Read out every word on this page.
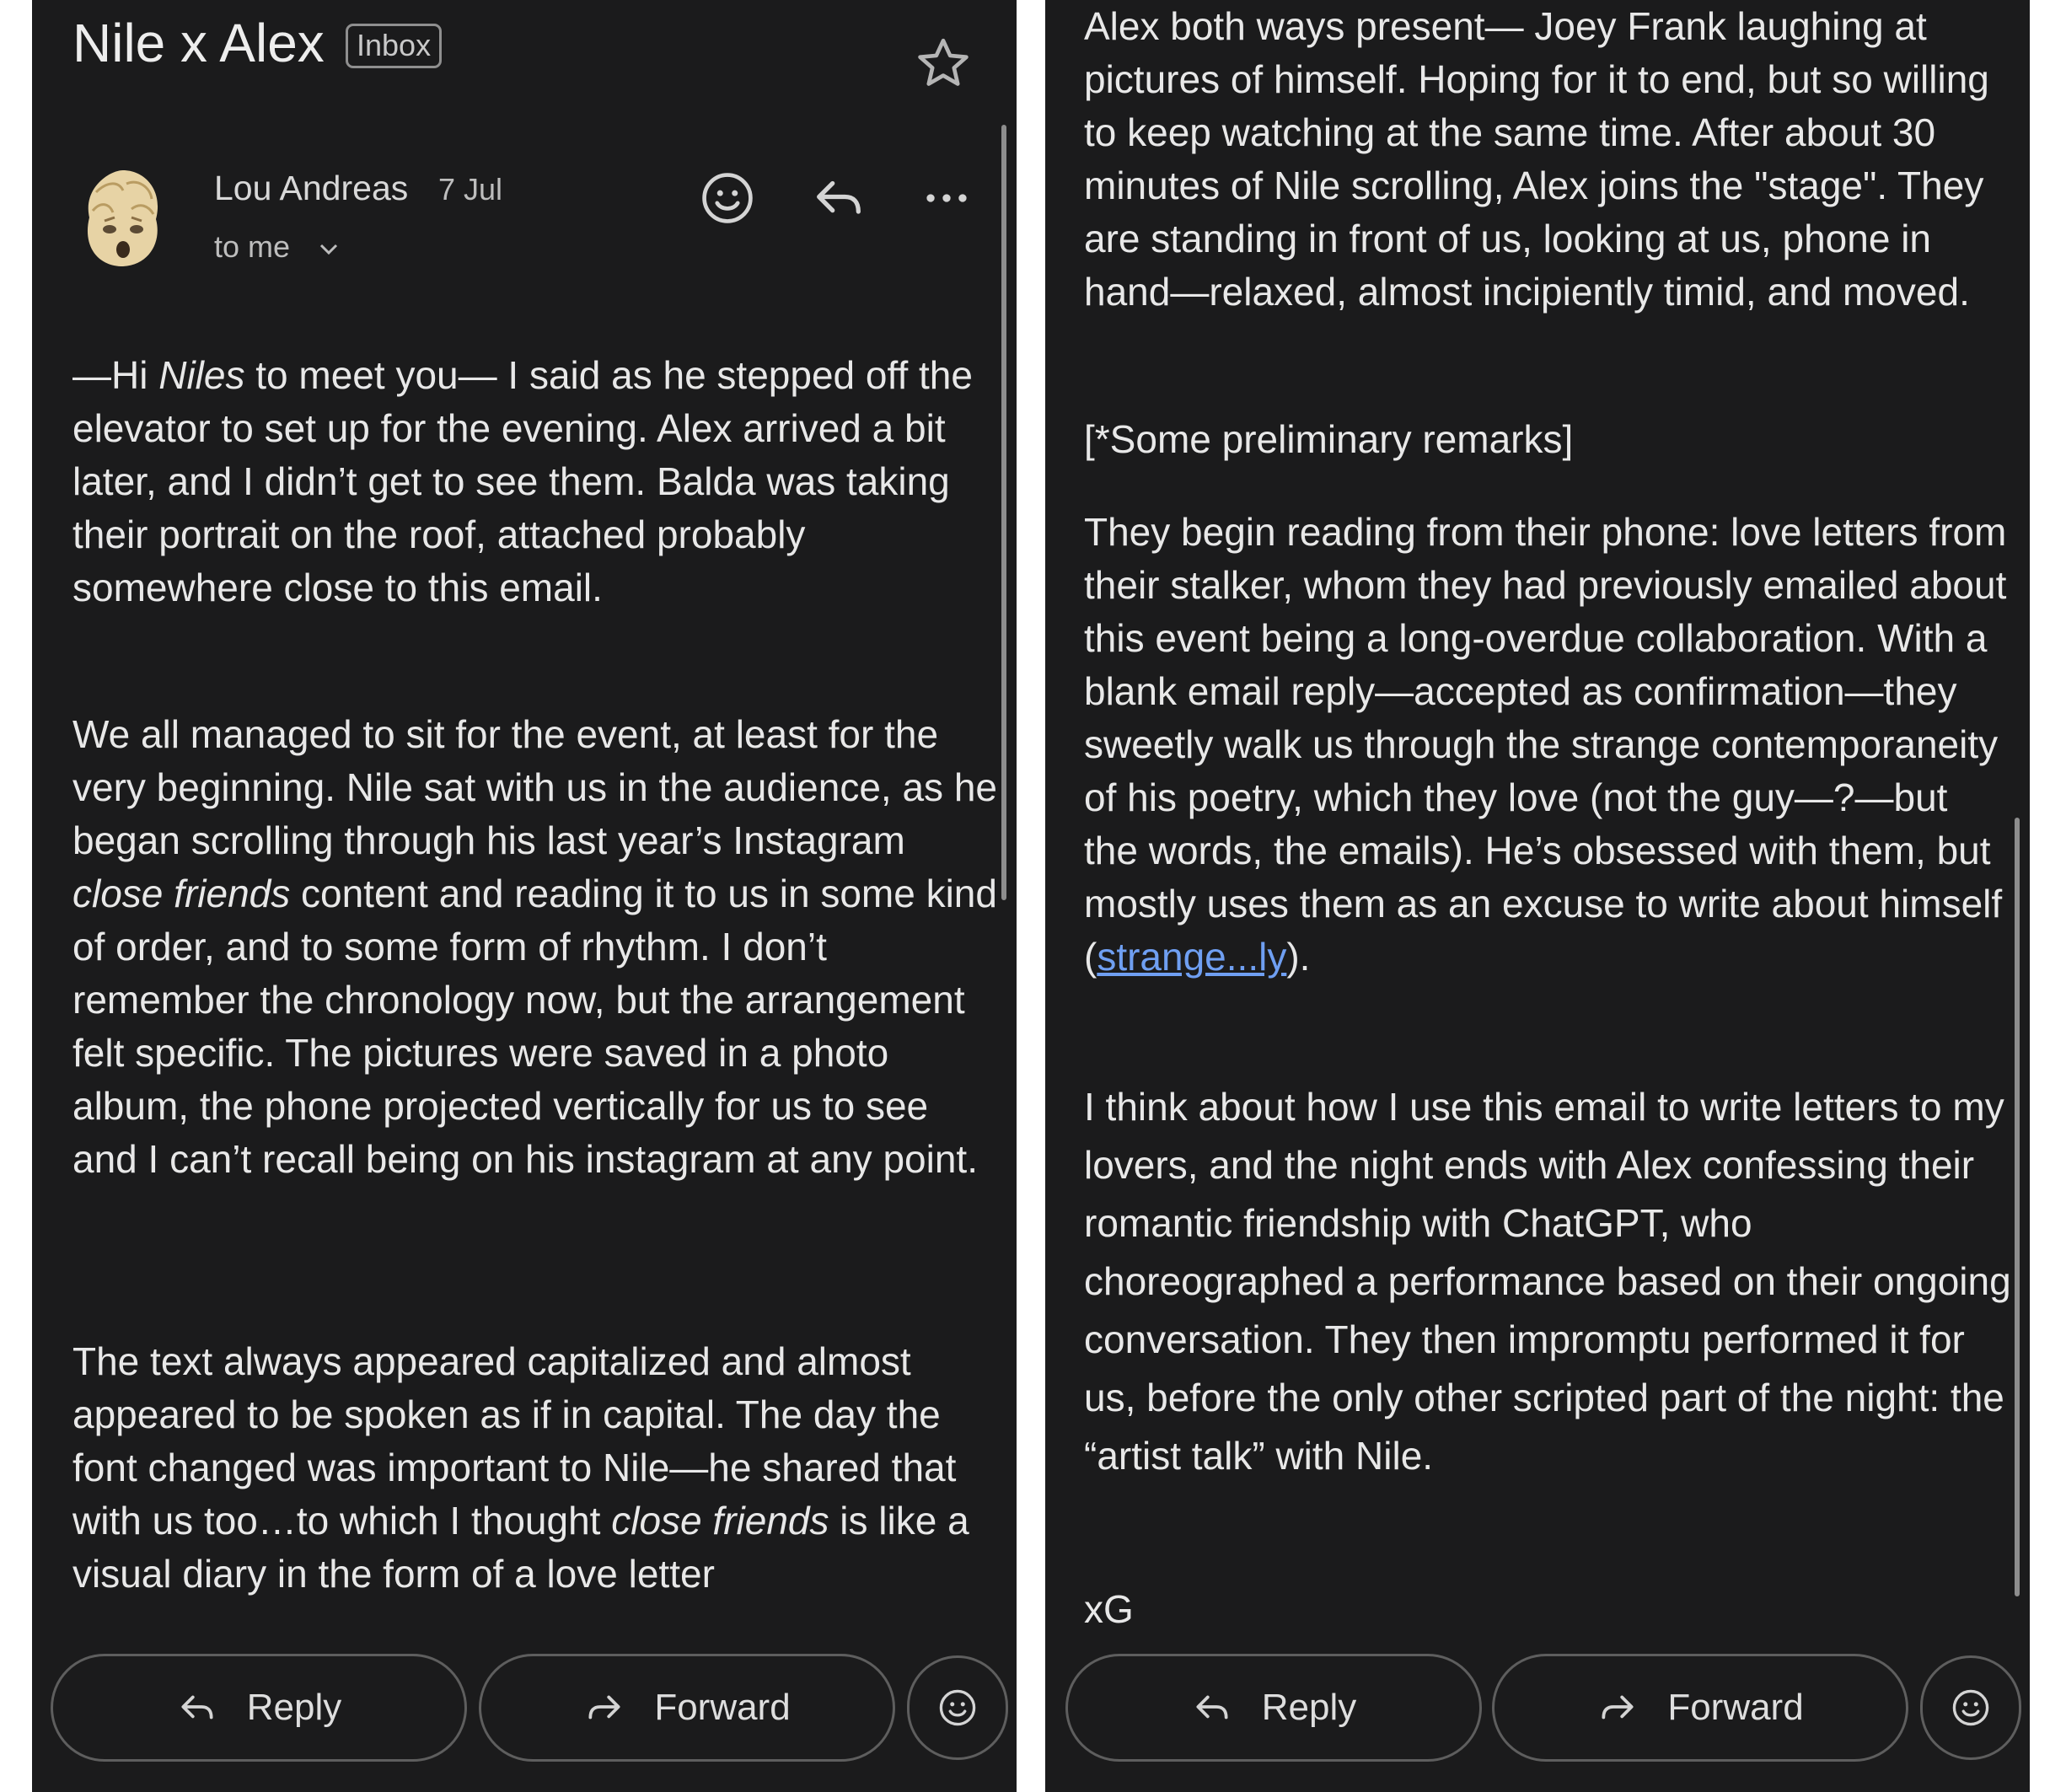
Nile x Alex	Inbox
Lou Andreas 7 Jul
to me

—Hi Niles to meet you— I said as he stepped off the elevator to set up for the evening. Alex arrived a bit later, and I didn’t get to see them. Balda was taking their portrait on the roof, attached probably somewhere close to this email.

We all managed to sit for the event, at least for the very beginning. Nile sat with us in the audience, as he began scrolling through his last year’s Instagram close friends content and reading it to us in some kind of order, and to some form of rhythm. I don’t remember the chronology now, but the arrangement felt specific. The pictures were saved in a photo album, the phone projected vertically for us to see and I can’t recall being on his instagram at any point.

The text always appeared capitalized and almost appeared to be spoken as if in capital. The day the font changed was important to Nile—he shared that with us too…to which I thought close friends is like a visual diary in the form of a love letter

Reply	Forward

Alex both ways present— Joey Frank laughing at pictures of himself. Hoping for it to end, but so willing to keep watching at the same time. After about 30 minutes of Nile scrolling, Alex joins the "stage". They are standing in front of us, looking at us, phone in hand—relaxed, almost incipiently timid, and moved.

[*Some preliminary remarks]

They begin reading from their phone: love letters from their stalker, whom they had previously emailed about this event being a long-overdue collaboration. With a blank email reply—accepted as confirmation—they sweetly walk us through the strange contemporaneity of his poetry, which they love (not the guy—?—but the words, the emails). He’s obsessed with them, but mostly uses them as an excuse to write about himself (strange...ly).

I think about how I use this email to write letters to my lovers, and the night ends with Alex confessing their romantic friendship with ChatGPT, who choreographed a performance based on their ongoing conversation. They then impromptu performed it for us, before the only other scripted part of the night: the “artist talk” with Nile.

xG

Reply	Forward
